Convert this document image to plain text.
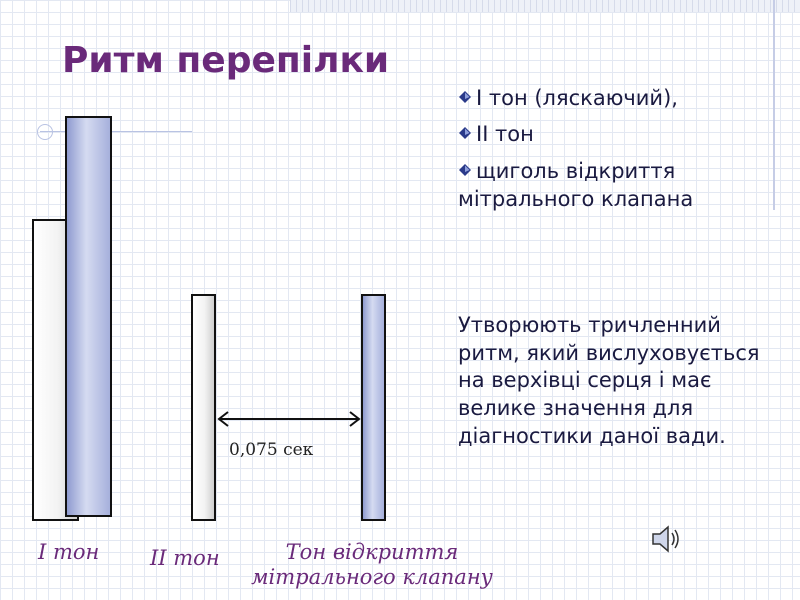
Ритм перепілки
0,075 сек
І тон ІІ тон	Тон відкриття мітрального клапану
І тон (ляскаючий),
ІІ тон
щиголь відкриття мітрального клапана
Утворюють тричленний ритм, який вислуховується на верхівці серця і має велике значення для діагностики даної вади.
